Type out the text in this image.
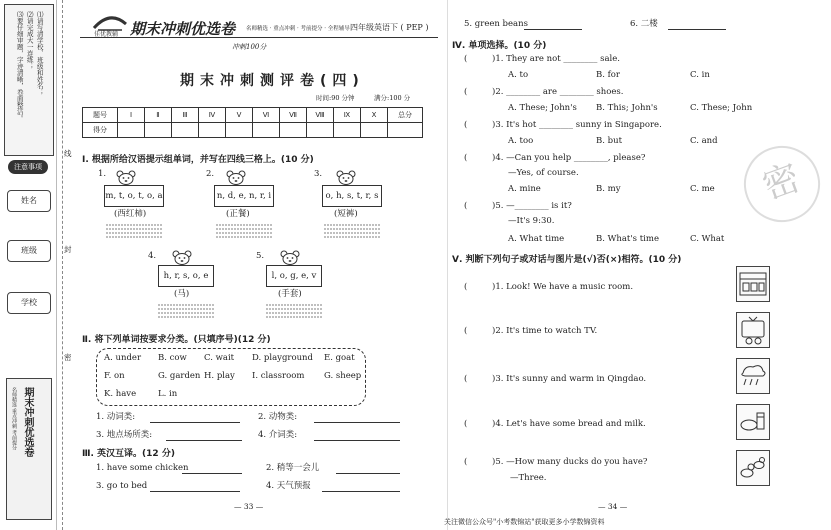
⑴请写清学校、班级和姓名；
⑵请完成大一连练；
⑶要仔细审题，字迹清晰，卷面整洁。
注意事项
姓名
班级
学校
期末冲刺优选卷
名师精选 重点冲刺 考前提分
线
封
密
佳优教辅 期末冲刺优选卷 名师精选 · 重点冲刺 · 考前提分 · 全程辅导 四年级英语下 ( PEP )
冲刺100分
期末冲刺测评卷(四)
时间:90 分钟	满分:100 分
题号	Ⅰ	Ⅱ	Ⅲ	Ⅳ	Ⅴ	Ⅵ	Ⅶ	Ⅷ	Ⅸ	Ⅹ	总分
得分											
Ⅰ. 根据所给汉语提示组单词，并写在四线三格上。(10 分)
1.
m, t, o, t, o, a
(西红柿)
2.
n, d, e, n, r, i
(正餐)
3.
o, h, s, t, r, s
(短裤)
4.
h, r, s, o, e
(马)
5.
l, o, g, e, v
(手套)
Ⅱ. 将下列单词按要求分类。(只填序号)(12 分)
A. under B. cow C. wait D. playground E. goat
F. on	G. garden H. play I. classroom G. sheep
K. have	L. in
1. 动词类:	2. 动物类:
3. 地点场所类:	4. 介词类:
Ⅲ. 英汉互译。(12 分)
1. have some chicken	2. 稍等一会儿
3. go to bed	4. 天气预报
— 33 —
5. green beans	6. 二楼
Ⅳ. 单项选择。(10 分)
(	)1. They are not ________ sale.
A. to	B. for	C. in
(	)2. ________ are ________ shoes.
A. These; John's B. This; John's	C. These; John
(	)3. It's hot ________ sunny in Singapore.
A. too	B. but	C. and
(	)4. —Can you help ________, please?
—Yes, of course.
A. mine	B. my	C. me
(	)5. —________ is it?
—It's 9:30.
A. What time	B. What's time	C. What
密
Ⅴ. 判断下列句子或对话与图片是(√)否(×)相符。(10 分)
(	)1. Look! We have a music room.
(	)2. It's time to watch TV.
(	)3. It's sunny and warm in Qingdao.
(	)4. Let's have some bread and milk.
(	)5. —How many ducks do you have?
—Three.
— 34 —
关注微信公众号"小考数锦站"获取更多小学数锦资料
